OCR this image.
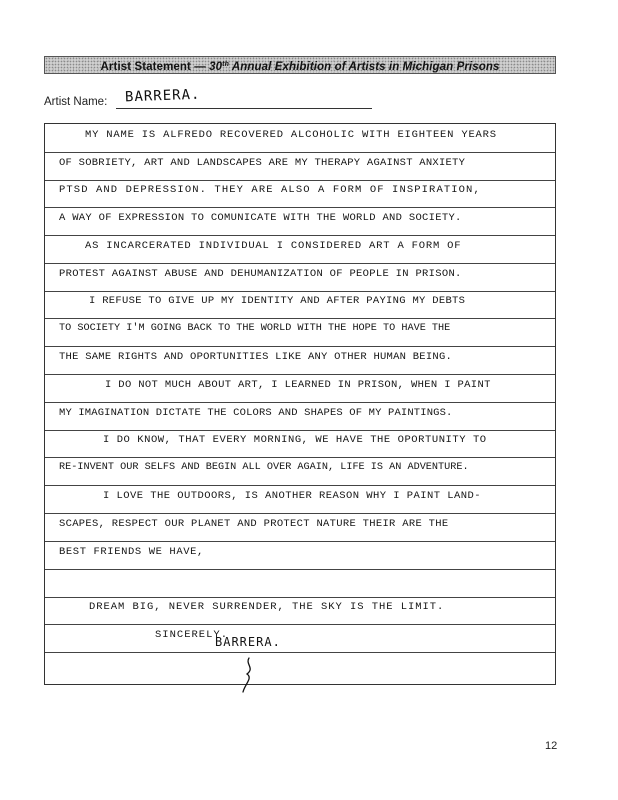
Artist Statement — 30th Annual Exhibition of Artists in Michigan Prisons
Artist Name: BARRERA.
MY NAME IS ALFREDO RECOVERED ALCOHOLIC WITH EIGHTEEN YEARS
OF SOBRIETY, ART AND LANDSCAPES ARE MY THERAPY AGAINST ANXIETY
PTSD AND DEPRESSION. THEY ARE ALSO A FORM OF INSPIRATION,
A WAY OF EXPRESSION TO COMUNICATE WITH THE WORLD AND SOCIETY.
AS INCARCERATED INDIVIDUAL I CONSIDERED ART A FORM OF
PROTEST AGAINST ABUSE AND DEHUMANIZATION OF PEOPLE IN PRISON.
I REFUSE TO GIVE UP MY IDENTITY AND AFTER PAYING MY DEBTS
TO SOCIETY I'M GOING BACK TO THE WORLD WITH THE HOPE TO HAVE THE
THE SAME RIGHTS AND OPORTUNITIES LIKE ANY OTHER HUMAN BEING.
I DO NOT MUCH ABOUT ART, I LEARNED IN PRISON, WHEN I PAINT
MY IMAGINATION DICTATE THE COLORS AND SHAPES OF MY PAINTINGS.
I DO KNOW, THAT EVERY MORNING, WE HAVE THE OPORTUNITY TO
RE-INVENT OUR SELFS AND BEGIN ALL OVER AGAIN, LIFE IS AN ADVENTURE.
I LOVE THE OUTDOORS, IS ANOTHER REASON WHY I PAINT LAND-
SCAPES, RESPECT OUR PLANET AND PROTECT NATURE THEIR ARE THE
BEST FRIENDS WE HAVE,
DREAM BIG, NEVER SURRENDER, THE SKY IS THE LIMIT.
SINCERELY.
BARRERA.
12
